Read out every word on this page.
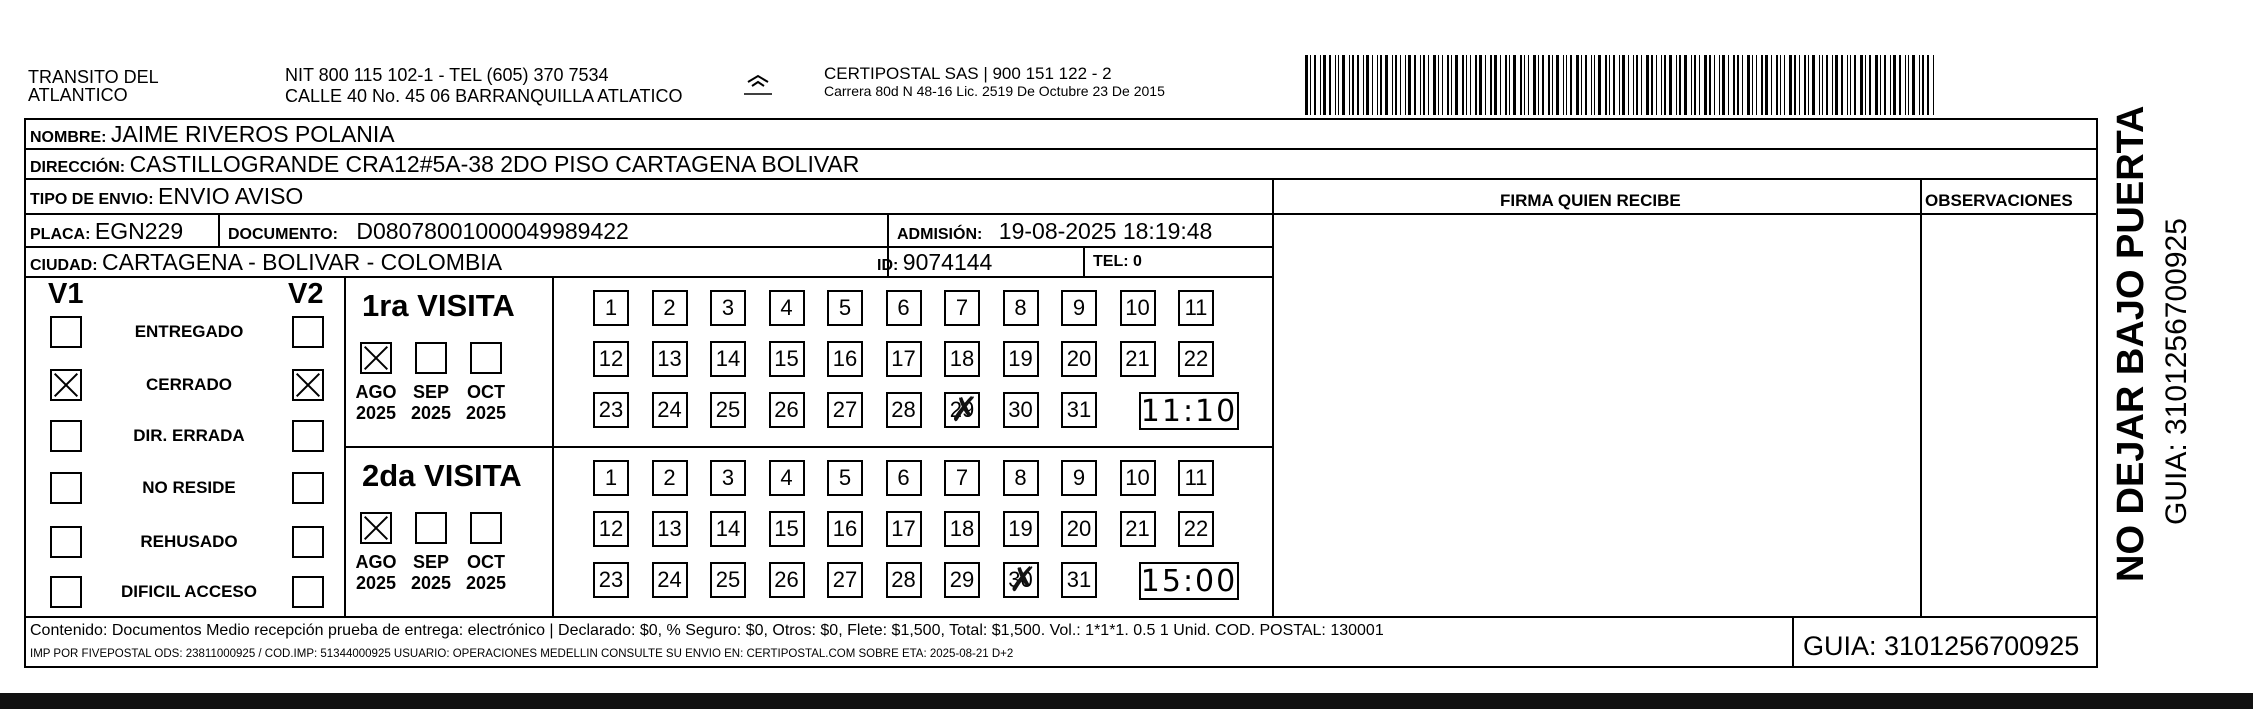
TRANSITO DEL
ATLANTICO
NIT 800 115 102-1 - TEL (605) 370 7534
CALLE 40 No. 45 06 BARRANQUILLA ATLATICO
CERTIPOSTAL SAS | 900 151 122 - 2
Carrera 80d N 48-16 Lic. 2519 De Octubre 23 De 2015
NOMBRE: JAIME RIVEROS POLANIA
DIRECCIÓN: CASTILLOGRANDE CRA12#5A-38 2DO PISO CARTAGENA BOLIVAR
TIPO DE ENVIO: ENVIO AVISO	FIRMA QUIEN RECIBE	OBSERVACIONES
PLACA: EGN229	DOCUMENTO: D08078001000049989422	ADMISIÓN: 19-08-2025 18:19:48
CIUDAD: CARTAGENA - BOLIVAR - COLOMBIA	ID: 9074144	TEL: 0
V1	V2
ENTREGADO
CERRADO
DIR. ERRADA
NO RESIDE
REHUSADO
DIFICIL ACCESO
1ra VISITA
AGO
2025
SEP
2025
OCT
2025
1	2	3	4	5	6	7	8	9	10 11
12 13 14 15 16 17 18 19 20 21 22
23 24 25 26 27 28 29 ✗ 30 31 11:10
2da VISITA
AGO
2025
SEP
2025
OCT
2025
1	2	3	4	5	6	7	8	9	10 11
12 13 14 15 16 17 18 19 20 21 22
23 24 25 26 27 28 29 30 ✗ 31 15:00
Contenido: Documentos Medio recepción prueba de entrega: electrónico | Declarado: $0, % Seguro: $0, Otros: $0, Flete: $1,500, Total: $1,500. Vol.: 1*1*1. 0.5 1 Unid. COD. POSTAL: 130001
IMP POR FIVEPOSTAL ODS: 23811000925 / COD.IMP: 51344000925 USUARIO: OPERACIONES MEDELLIN CONSULTE SU ENVIO EN: CERTIPOSTAL.COM SOBRE ETA: 2025-08-21 D+2	GUIA: 3101256700925
NO DEJAR BAJO PUERTA GUIA: 3101256700925
